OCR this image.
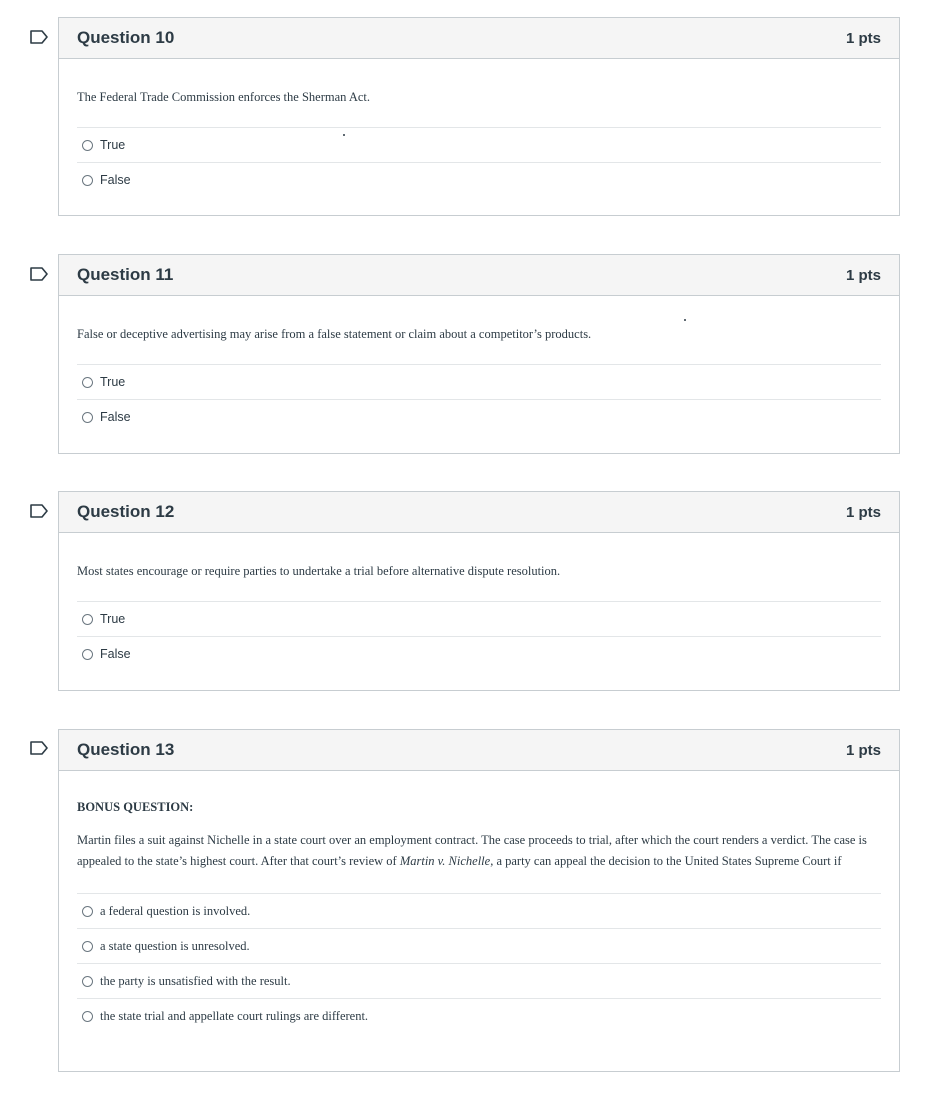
Question 10	1 pts
The Federal Trade Commission enforces the Sherman Act.
True
False
Question 11	1 pts
False or deceptive advertising may arise from a false statement or claim about a competitor’s products.
True
False
Question 12	1 pts
Most states encourage or require parties to undertake a trial before alternative dispute resolution.
True
False
Question 13	1 pts
BONUS QUESTION:
Martin files a suit against Nichelle in a state court over an employment contract. The case proceeds to trial, after which the court renders a verdict. The case is appealed to the state’s highest court. After that court’s review of Martin v. Nichelle, a party can appeal the decision to the United States Supreme Court if
a federal question is involved.
a state question is unresolved.
the party is unsatisfied with the result.
the state trial and appellate court rulings are different.
